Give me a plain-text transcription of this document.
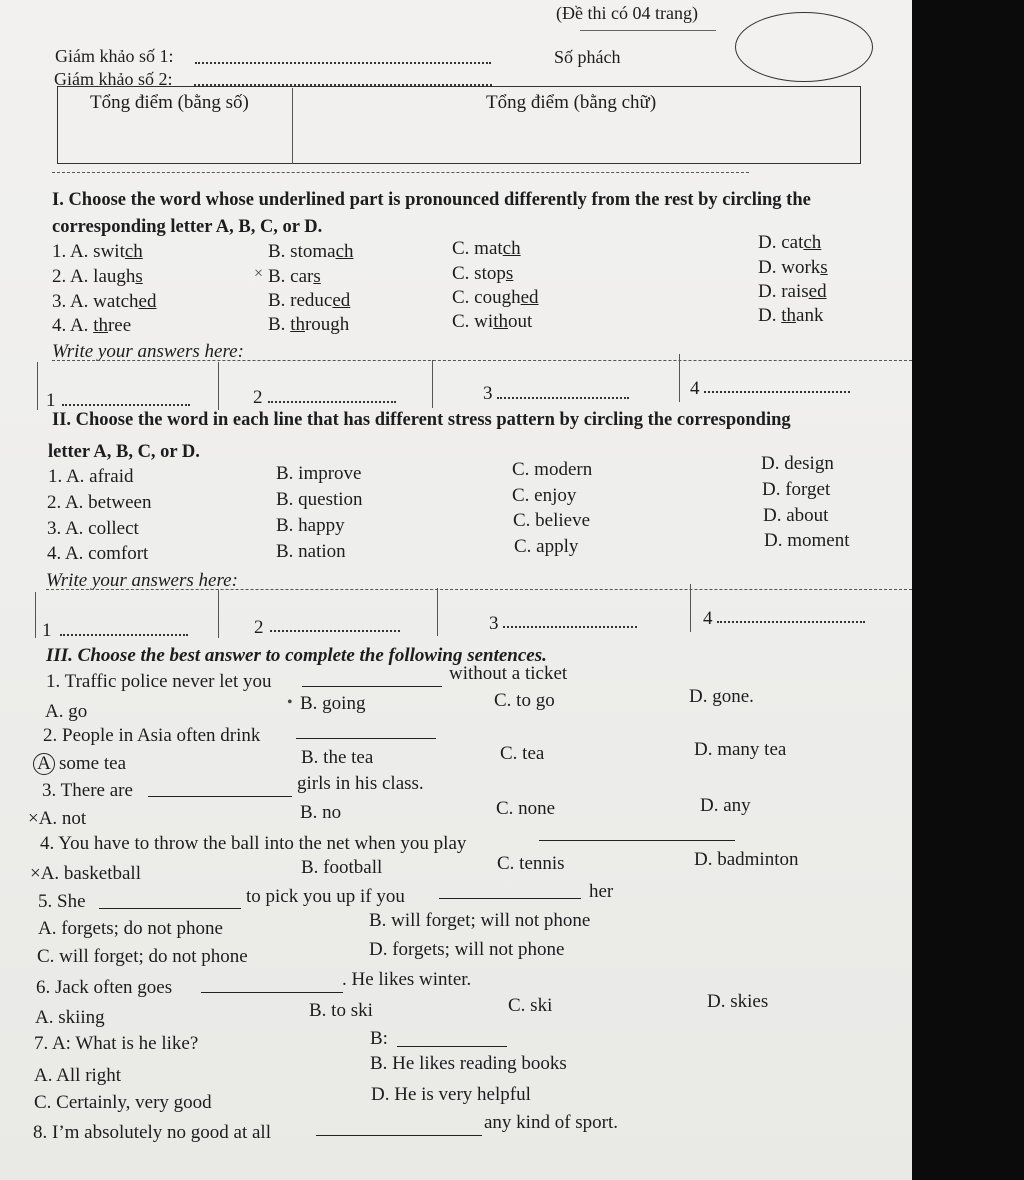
(Đề thi có 04 trang)
Giám khảo số 1:	Số phách
Giám khảo số 2:
Tổng điểm (bằng số)	Tổng điểm (bằng chữ)
I. Choose the word whose underlined part is pronounced differently from the rest by circling the
corresponding letter A, B, C, or D.
1. A. switch	B. stomach	C. match	D. catch
2. A. laughs	× B. cars	C. stops	D. works
3. A. watched	B. reduced	C. coughed	D. raised
4. A. three	B. through	C. without	D. thank
Write your answers here:
1	2	3	4
II. Choose the word in each line that has different stress pattern by circling the corresponding
letter A, B, C, or D.
1. A. afraid	B. improve	C. modern	D. design
2. A. between	B. question	C. enjoy	D. forget
3. A. collect	B. happy	C. believe	D. about
4. A. comfort	B. nation	C. apply	D. moment
Write your answers here:
1	2	3	4
III. Choose the best answer to complete the following sentences.
1. Traffic police never let you	without a ticket
A. go	• B. going	C. to go	D. gone.
2. People in Asia often drink
A some tea	B. the tea	C. tea	D. many tea
3. There are	girls in his class.
×A. not	B. no	C. none	D. any
4. You have to throw the ball into the net when you play
×A. basketball	B. football	C. tennis	D. badminton
5. She	to pick you up if you	her
A. forgets; do not phone	B. will forget; will not phone
C. will forget; do not phone	D. forgets; will not phone
6. Jack often goes	. He likes winter.
A. skiing	B. to ski	C. ski	D. skies
7. A: What is he like?	B:
A. All right
B. He likes reading books
C. Certainly, very good	D. He is very helpful
8. I’m absolutely no good at all	any kind of sport.
